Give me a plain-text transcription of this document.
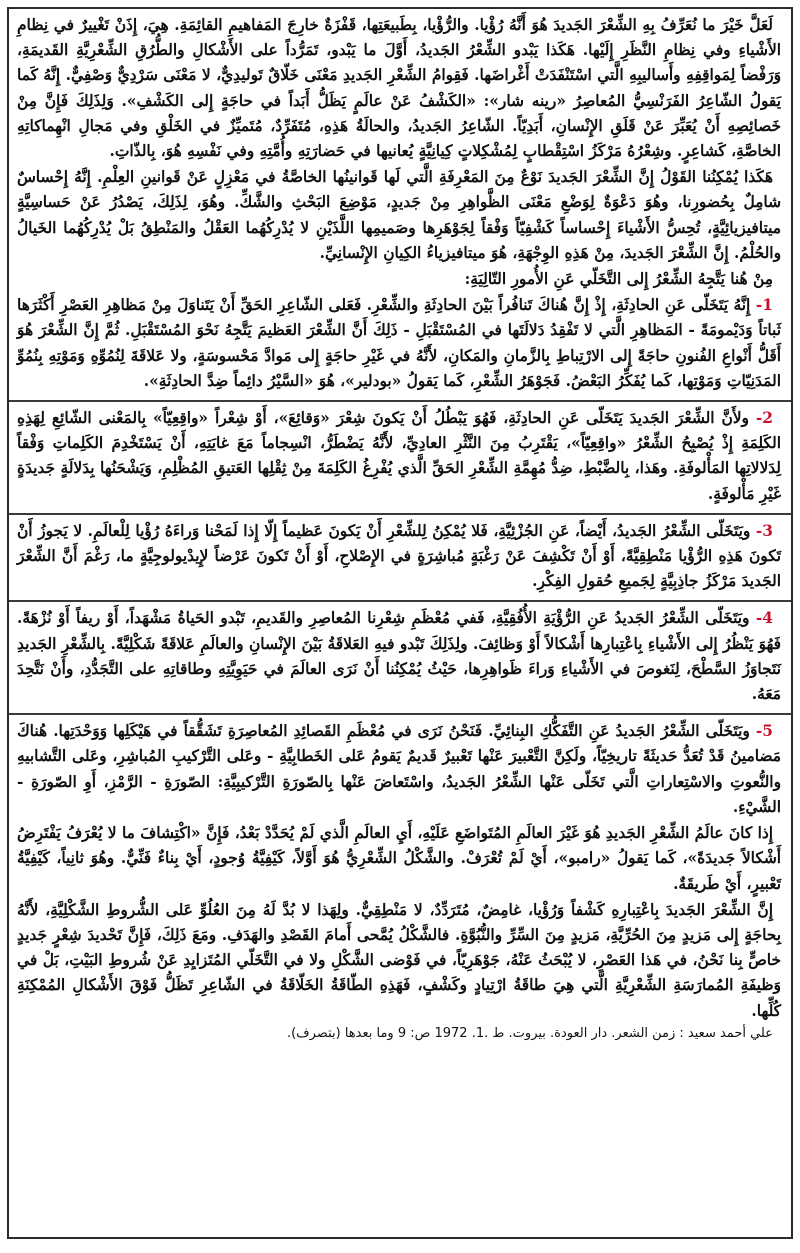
لَعَلَّ خَيْرَ ما نُعَرِّفُ بِهِ الشِّعْرَ الجَديدَ هُوَ أَنَّهُ رُؤْيا. والرُّؤْيا، بِطَبيعَتِها، قَفْزَةٌ خارِجَ المَفاهيمِ القائِمَةِ. هِيَ، إِذَنْ تَغْييرٌ في نِظامِ الأَشْياءِ وفي نِظامِ النَّظَرِ إِلَيْها. هَكَذا يَبْدو الشِّعْرُ الجَديدُ، أَوَّلَ ما يَبْدو، تَمَرُّداً على الأَشْكالِ والطُّرُقِ الشِّعْرِيَّةِ القَديمَةِ، وَرَفْضاً لِمَواقِفِهِ وأَساليبِهِ الَّتي اسْتَنْفَدَتْ أَغْراضَها. فَقِوامُ الشِّعْرِ الجَديدِ مَعْنَى خَلّاقٌ تَوليدِيٌّ، لا مَعْنَى سَرْدِيٌّ وَصْفِيٌّ. إِنَّهُ كَما يَقولُ الشّاعِرُ الفَرَنْسِيُّ المُعاصِرُ «رينه شار»: «الكَشْفُ عَنْ عالَمٍ يَظَلُّ أَبَداً في حاجَةٍ إِلى الكَشْفِ». وَلِذَلِكَ فَإِنَّ مِنْ خَصائِصِهِ أَنْ يُعَبِّرَ عَنْ قَلَقِ الإِنْسانِ، أَبَدِيّاً. الشّاعِرُ الجَديدُ، والحالَةُ هَذِهِ، مُتَفَرِّدٌ، مُتَميِّزٌ في الخَلْقِ وفي مَجالِ انْهِماكاتِهِ الخاصَّةِ، كَشاعِرٍ. وشِعْرُهُ مَرْكَزُ اسْتِقْطابٍ لِمُشْكِلاتٍ كِيانِيَّةٍ يُعانيها في حَضارَتِهِ وأُمَّتِهِ وفي نَفْسِهِ هُوَ، بِالذّاتِ.

هَكَذا يُمْكِنُنا القَوْلُ إِنَّ الشِّعْرَ الجَديدَ نَوْعٌ مِنَ المَعْرِفَةِ الَّتي لَها قَوانينُها الخاصَّةُ في مَعْزِلٍ عَنْ قَوانينِ العِلْمِ. إِنَّهُ إِحْساسٌ شامِلٌ بِحُضورِنا، وهُوَ دَعْوَةٌ لِوَضْعِ مَعْنَى الظَّواهِرِ مِنْ جَديدٍ، مَوْضِعَ البَحْثِ والشَّكِّ. وهُوَ، لِذَلِكَ، يَصْدُرُ عَنْ حَساسِيَّةٍ ميتافيزيائِيَّةٍ، تُحِسُّ الأَشْياءَ إِحْساساً كَشْفِيّاً وَفْقاً لِجَوْهَرِها وصَميمِها اللَّذَيْنِ لا يُدْرِكُهُما العَقْلُ والمَنْطِقُ بَلْ يُدْرِكُهُما الخَيالُ والحُلْمُ. إِنَّ الشِّعْرَ الجَديدَ، مِنْ هَذِهِ الوِجْهَةِ، هُوَ ميتافيزياءُ الكِيانِ الإِنْسانِيِّ.

مِنْ هُنا يَتَّجِهُ الشِّعْرُ إِلى التَّخَلّي عَنِ الأُمورِ التّالِيَةِ:

1- إِنَّهُ يَتَخَلّى عَنِ الحادِثَةِ، إِذْ إِنَّ هُناكَ تَنافُراً بَيْنَ الحادِثَةِ والشِّعْرِ. فَعَلى الشّاعِرِ الحَقِّ أَنْ يَتَناوَلَ مِنْ مَظاهِرِ العَصْرِ أَكْثَرَها ثَباتاً وَدَيْمومَةً - المَظاهِرِ الَّتي لا تَفْقِدُ دَلالَتَها في المُسْتَقْبَلِ - ذَلِكَ أَنَّ الشِّعْرَ العَظيمَ يَتَّجِهُ نَحْوَ المُسْتَقْبَلِ. ثُمَّ إِنَّ الشِّعْرَ هُوَ أَقَلُّ أَنْواعِ الفُنونِ حاجَةً إِلى الارْتِباطِ بِالزَّمانِ والمَكانِ، لأَنَّهُ في غَيْرِ حاجَةٍ إِلى مَوادَّ مَحْسوسَةٍ، ولا عَلاقَةَ لِنُمُوِّهِ وَمَوْتِهِ بِنُمُوِّ المَدَنِيّاتِ وَمَوْتِها، كَما يُفَكِّرُ البَعْضُ. فَجَوْهَرُ الشِّعْرِ، كَما يَقولُ «بودلير»، هُوَ «السَّيْرُ دائِماً ضِدَّ الحادِثَةِ».

2- ولأَنَّ الشِّعْرَ الجَديدَ يَتَخَلّى عَنِ الحادِثَةِ، فَهُوَ يَبْطُلُ أَنْ يَكونَ شِعْرَ «وَقائِعَ»، أَوْ شِعْراً «واقِعِيّاً» بِالمَعْنى الشّائِعِ لِهَذِهِ الكَلِمَةِ إِذْ يُصْبِحُ الشِّعْرُ «واقِعِيّاً»، يَقْتَرِبُ مِنَ النَّثْرِ العادِيِّ، لأَنَّهُ يَضْطَرُّ، انْسِجاماً مَعَ غايَتِهِ، أَنْ يَسْتَخْدِمَ الكَلِماتِ وَفْقاً لِدَلالاتِها المَأْلوفَةِ. وهَذا، بِالضَّبْطِ، ضِدُّ مُهِمَّةِ الشِّعْرِ الحَقِّ الَّذي يُفْرِغُ الكَلِمَةَ مِنْ ثِقْلِها العَتيقِ المُظْلِمِ، وَيَشْحَنُها بِدَلالَةٍ جَديدَةٍ غَيْرِ مَأْلوفَةٍ.

3- ويَتَخَلّى الشِّعْرُ الجَديدُ، أَيْضاً، عَنِ الجُزْئِيَّةِ، فَلا يُمْكِنُ لِلشِّعْرِ أَنْ يَكونَ عَظيماً إِلّا إِذا لَمَحْنا وَراءَهُ رُؤْيا لِلْعالَمِ. لا يَجوزُ أَنْ تَكونَ هَذِهِ الرُّؤْيا مَنْطِقِيَّةً، أَوْ أَنْ تَكْشِفَ عَنْ رَغْبَةٍ مُباشِرَةٍ في الإِصْلاحِ، أَوْ أَنْ تَكونَ عَرْضاً لإِيدْيولوجِيَّةٍ ما، رَغْمَ أَنَّ الشِّعْرَ الجَديدَ مَرْكَزُ جاذِبِيَّةٍ لِجَميعِ حُقولِ الفِكْرِ.

4- ويَتَخَلّى الشِّعْرُ الجَديدُ عَنِ الرُّؤْيَةِ الأُفُقِيَّةِ، فَفي مُعْظَمِ شِعْرِنا المُعاصِرِ والقَديمِ، تَبْدو الحَياةُ مَشْهَداً، أَوْ ريفاً أَوْ نُزْهَةً. فَهُوَ يَنْظُرُ إِلى الأَشْياءِ بِاعْتِبارِها أَشْكالاً أَوْ وَظائِفَ. ولِذَلِكَ تَبْدو فيهِ العَلاقَةُ بَيْنَ الإِنْسانِ والعالَمِ عَلاقَةً شَكْلِيَّةً. بِالشِّعْرِ الجَديدِ نَتَجاوَزُ السَّطْحَ، لِنَغوصَ في الأَشْياءِ وَراءَ ظَواهِرِها، حَيْثُ يُمْكِنُنا أَنْ نَرَى العالَمَ في حَيَوِيَّتِهِ وطاقاتِهِ على التَّجَدُّدِ، وأَنْ نَتَّحِدَ مَعَهُ.

5- ويَتَخَلّى الشِّعْرُ الجَديدُ عَنِ التَّفَكُّكِ البِنائِيِّ. فَنَحْنُ نَرَى في مُعْظَمِ القَصائِدِ المُعاصِرَةِ تَشَقُّقاً في هَيْكَلِها وَوَحْدَتِها. هُناكَ مَضامينُ قَدْ تُعَدُّ حَديثَةً تاريخِيّاً، ولَكِنَّ التَّعْبيرَ عَنْها تَعْبيرٌ قَديمٌ يَقومُ عَلى الخَطابِيَّةِ - وعَلى التَّرْكيبِ المُباشِرِ، وعَلى التَّشابيهِ والنُّعوتِ والاسْتِعاراتِ الَّتي تَخَلّى عَنْها الشِّعْرُ الجَديدُ، واسْتَعاضَ عَنْها بِالصّورَةِ التَّرْكيبِيَّةِ: الصّورَةِ - الرَّمْزِ، أَوِ الصّورَةِ - الشَّيْءِ.

إِذا كانَ عالَمُ الشِّعْرِ الجَديدِ هُوَ غَيْرَ العالَمِ المُتَواضَعِ عَلَيْهِ، أَيِ العالَمِ الَّذي لَمْ يُحَدَّدْ بَعْدُ، فَإِنَّ «اكْتِشافَ ما لا يُعْرَفُ يَفْتَرِضُ أَشْكالاً جَديدَةً»، كَما يَقولُ «رامبو»، أَيْ لَمْ تُعْرَفْ. والشَّكْلُ الشِّعْرِيُّ هُوَ أَوَّلاً، كَيْفِيَّةُ وُجودٍ، أَيْ بِناءٌ فَنِّيٌّ. وهُوَ ثانِياً، كَيْفِيَّةُ تَعْبيرٍ، أَيْ طَريقَةٌ.

إِنَّ الشِّعْرَ الجَديدَ بِاعْتِبارِهِ كَشْفاً وَرُؤْيا، غامِضٌ، مُتَرَدِّدٌ، لا مَنْطِقِيٌّ. ولِهَذا لا بُدَّ لَهُ مِنَ العُلُوِّ عَلى الشُّروطِ الشَّكْلِيَّةِ، لأَنَّهُ بِحاجَةٍ إِلى مَزيدٍ مِنَ الحُرِّيَّةِ، مَزيدٍ مِنَ السِّرِّ والنُّبُوَّةِ. فالشَّكْلُ يُمَّحى أَمامَ القَصْدِ والهَدَفِ. ومَعَ ذَلِكَ، فَإِنَّ تَحْديدَ شِعْرٍ جَديدٍ خاصٍّ بِنا نَحْنُ، في هَذا العَصْرِ، لا يُبْحَثُ عَنْهُ، جَوْهَرِيّاً، في فَوْضى الشَّكْلِ ولا في التَّخَلّي المُتَزايِدِ عَنْ شُروطِ البَيْتِ، بَلْ في وَظيفَةِ المُمارَسَةِ الشِّعْرِيَّةِ الَّتي هِيَ طاقَةُ ارْتِيادٍ وكَشْفٍ، فَهَذِهِ الطّاقَةُ الخَلّاقَةُ في الشّاعِرِ تَظَلُّ فَوْقَ الأَشْكالِ المُمْكِنَةِ كُلِّها.

علي أحمد سعيد : زمن الشعر. دار العودة. بيروت. ط .1. 1972 ص: 9 وما بعدها (بتصرف).
